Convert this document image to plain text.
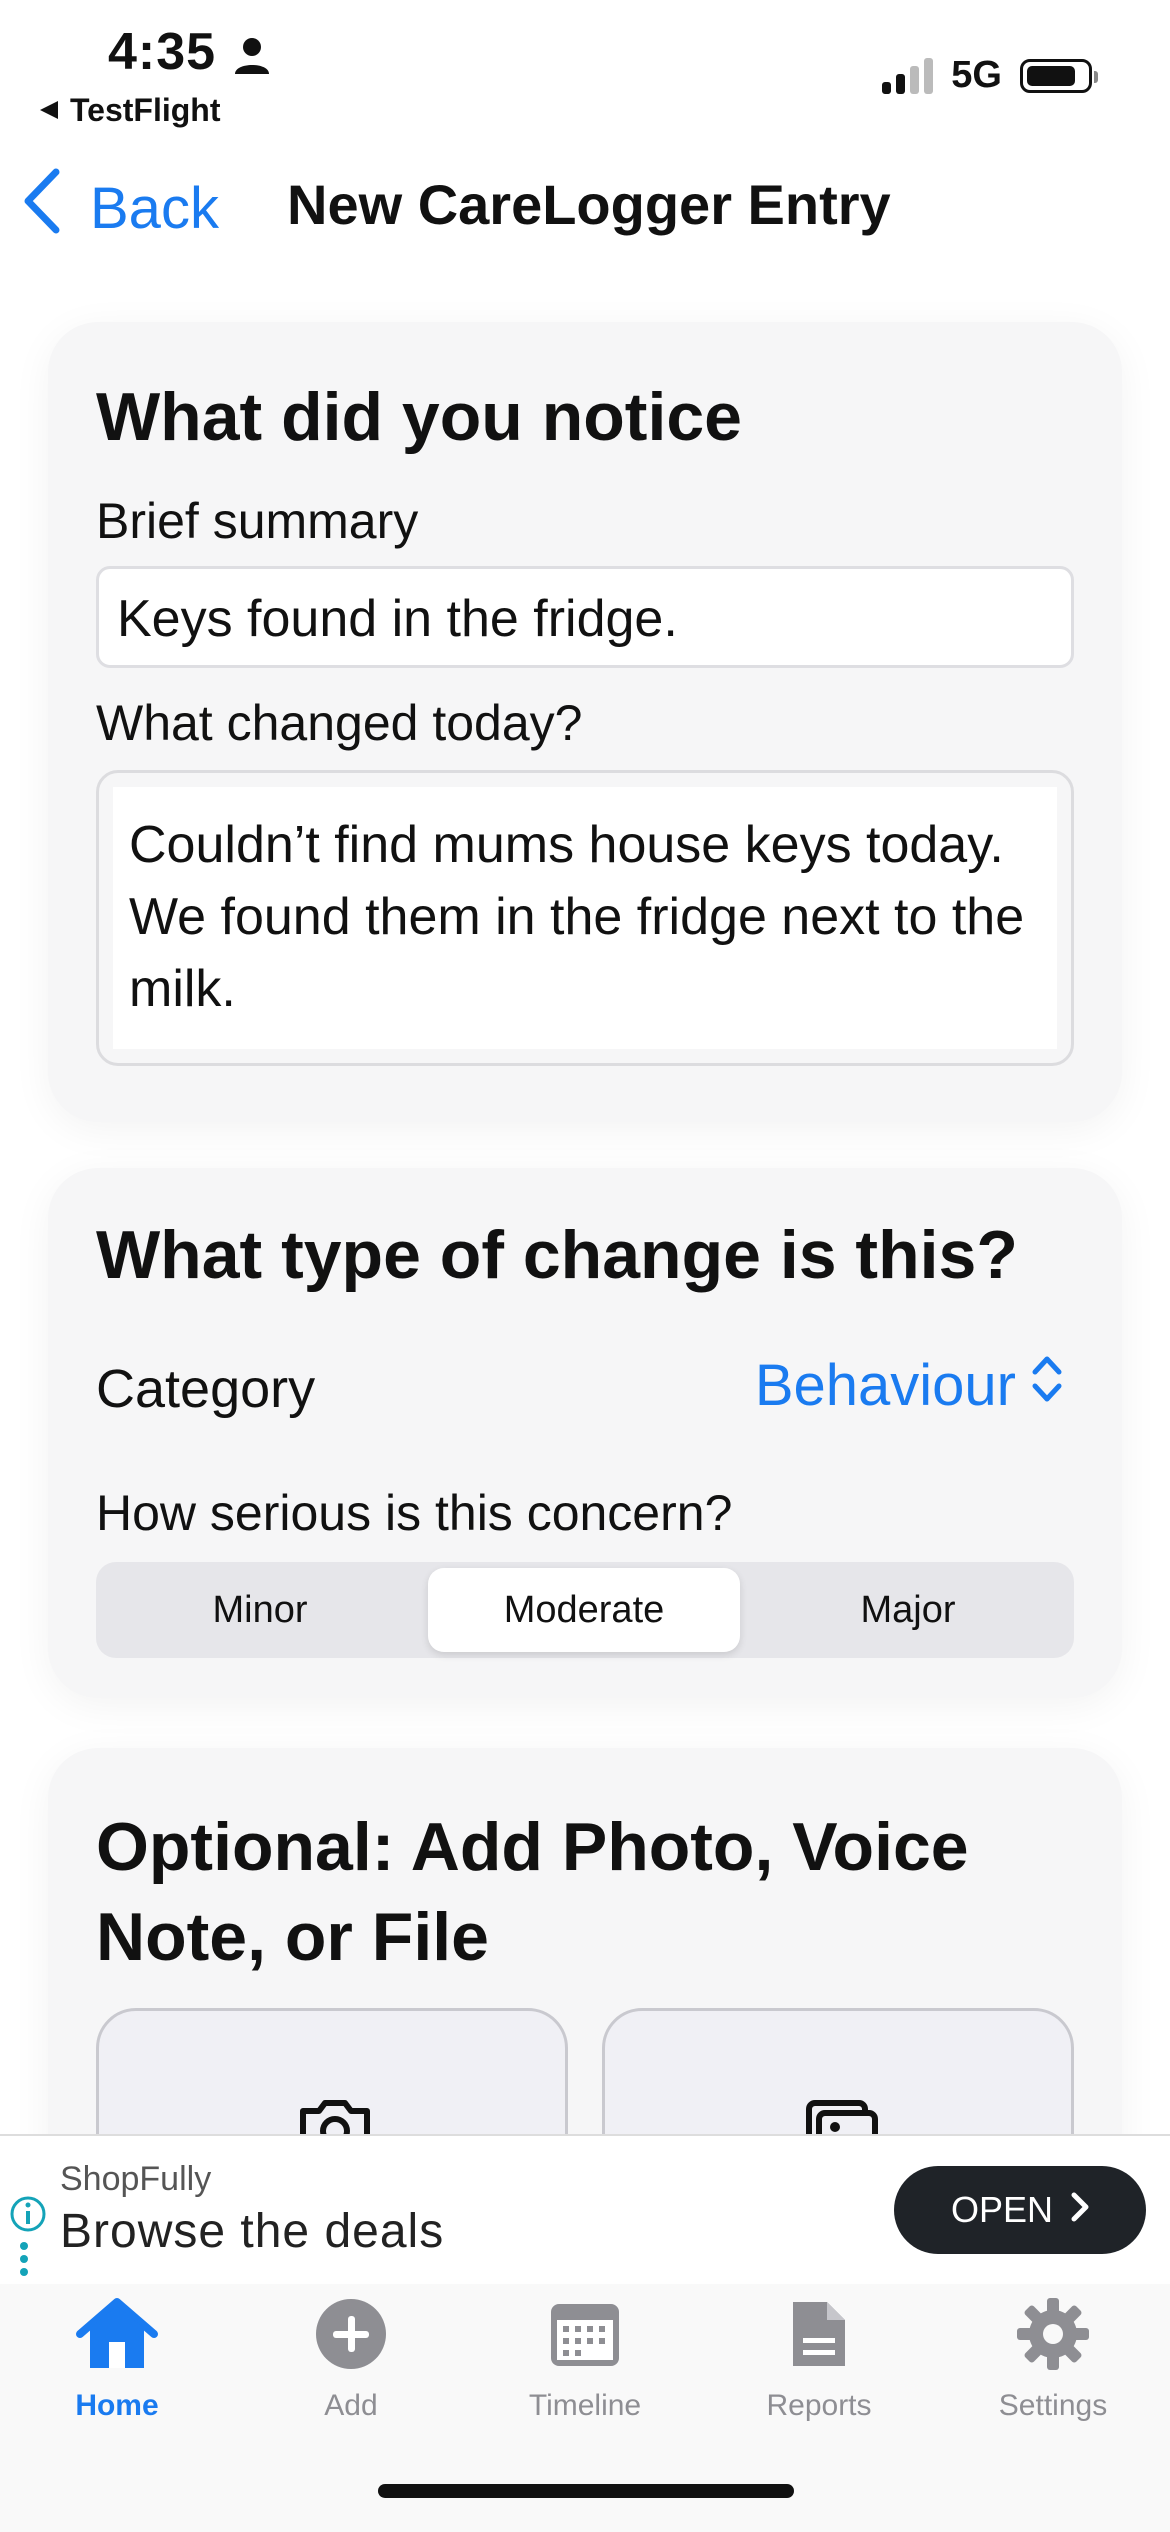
4:35
TestFlight
5G
Back New CareLogger Entry
What did you notice
Brief summary
Keys found in the fridge.
What changed today?
Couldn’t find mums house keys today. We found them in the fridge next to the milk.
What type of change is this?
Category	Behaviour
How serious is this concern?
Minor	Moderate	Major
Optional: Add Photo, Voice Note, or File
ShopFully
Browse the deals	OPEN
Home	Add	Timeline	Reports	Settings
